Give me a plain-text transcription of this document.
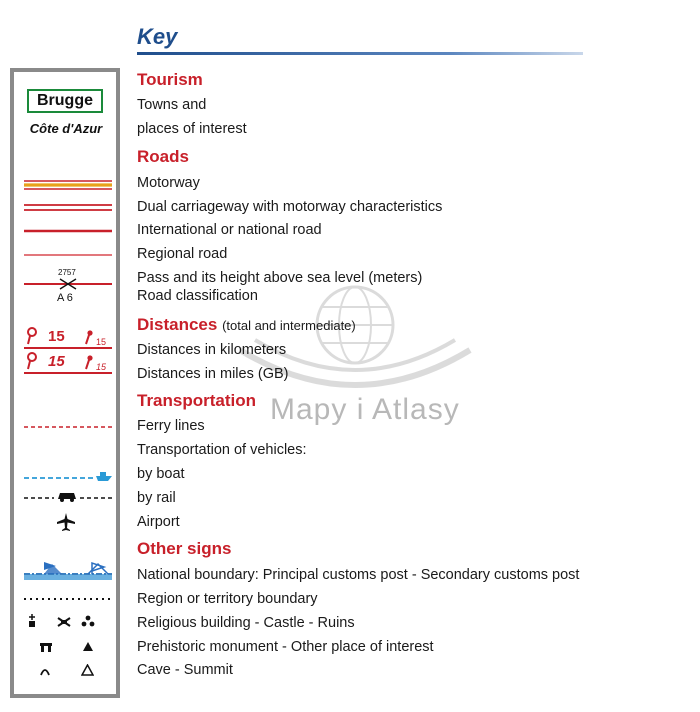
Key
Mapy i Atlasy
Brugge
Côte d'Azur
2757
A 6
15	15
15	15
Tourism
Towns and
places of interest
Roads
Motorway
Dual carriageway with motorway characteristics
International or national road
Regional road
Pass and its height above sea level (meters)
Road classification
Distances (total and intermediate)
Distances in kilometers
Distances in miles (GB)
Transportation
Ferry lines
Transportation of vehicles:
by boat
by rail
Airport
Other signs
National boundary: Principal customs post - Secondary customs post
Region or territory boundary
Religious building - Castle - Ruins
Prehistoric monument - Other place of interest
Cave - Summit
